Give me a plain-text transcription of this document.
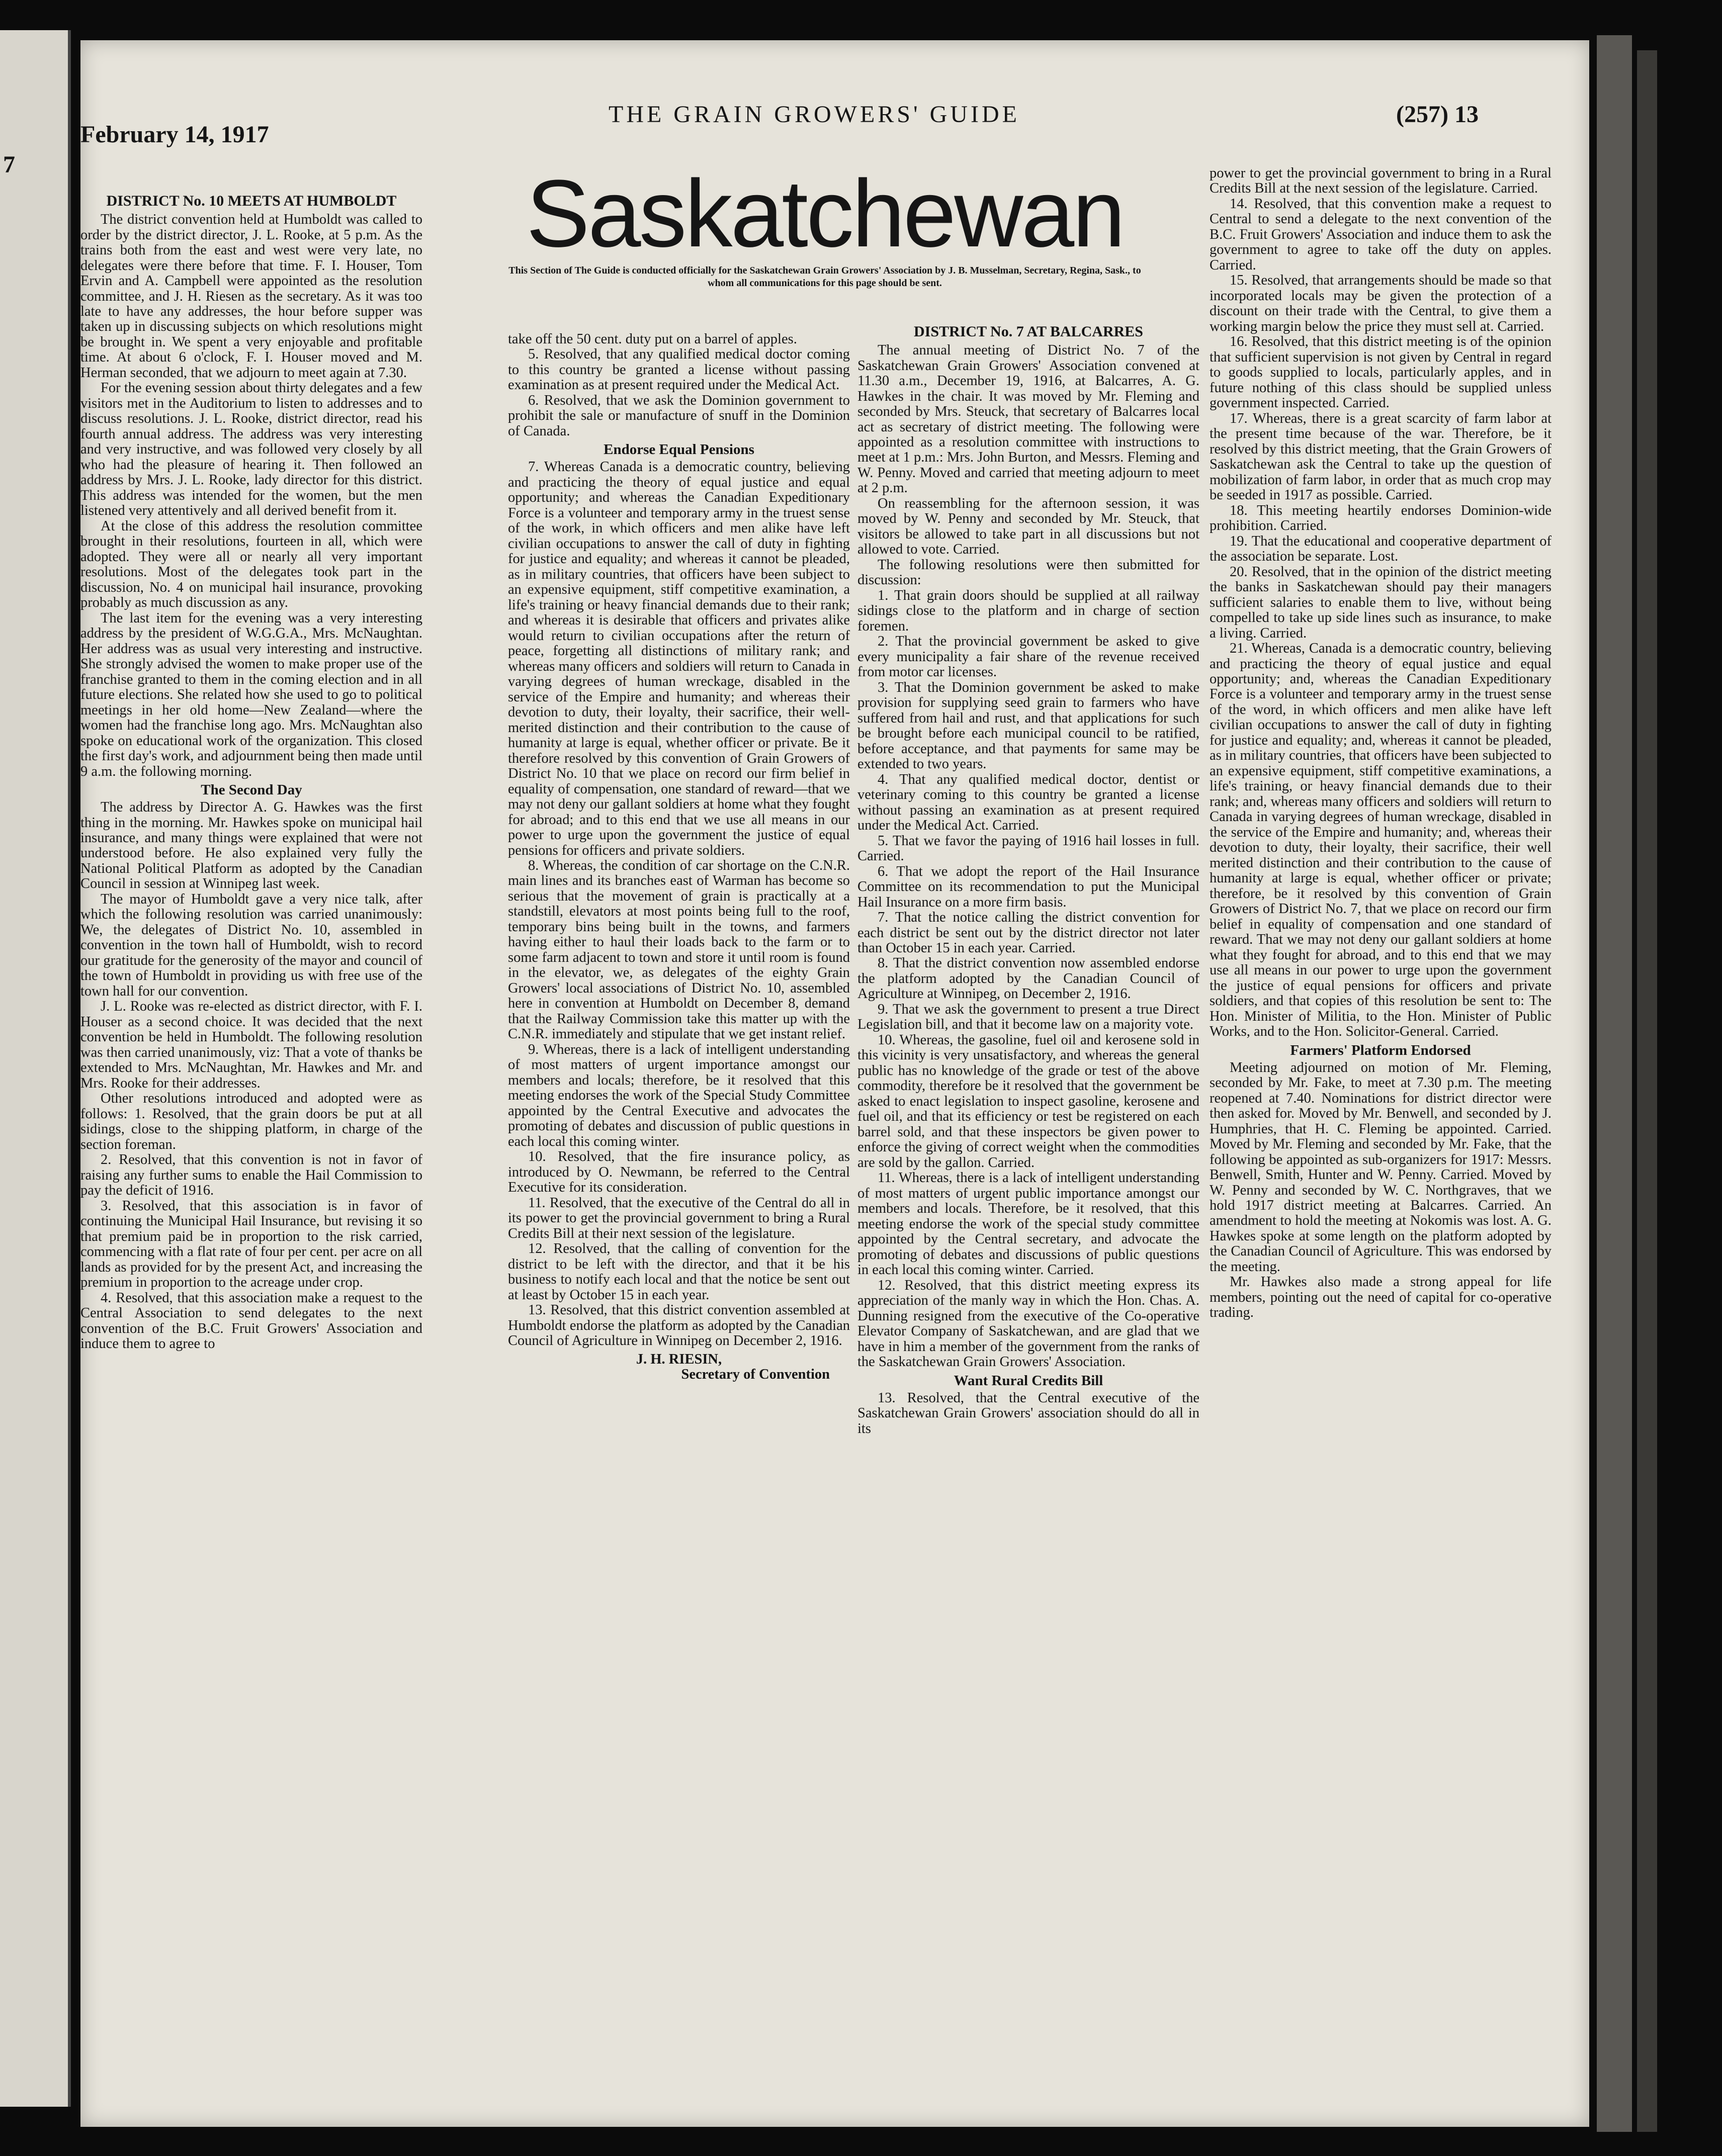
7
February 14, 1917
THE GRAIN GROWERS' GUIDE	(257) 13
Saskatchewan
This Section of The Guide is conducted officially for the Saskatchewan Grain Growers' Association by J. B. Musselman, Secretary, Regina, Sask., to whom all communications for this page should be sent.
DISTRICT No. 10 MEETS AT HUMBOLDT

The district convention held at Humboldt was called to order by the district director, J. L. Rooke, at 5 p.m. As the trains both from the east and west were very late, no delegates were there before that time. F. I. Houser, Tom Ervin and A. Campbell were appointed as the resolution committee, and J. H. Riesen as the secretary. As it was too late to have any addresses, the hour before supper was taken up in discussing subjects on which resolutions might be brought in. We spent a very enjoyable and profitable time. At about 6 o'clock, F. I. Houser moved and M. Herman seconded, that we adjourn to meet again at 7.30.

For the evening session about thirty delegates and a few visitors met in the Auditorium to listen to addresses and to discuss resolutions. J. L. Rooke, district director, read his fourth annual address. The address was very interesting and very instructive, and was followed very closely by all who had the pleasure of hearing it. Then followed an address by Mrs. J. L. Rooke, lady director for this district. This address was intended for the women, but the men listened very attentively and all derived benefit from it.

At the close of this address the resolution committee brought in their resolutions, fourteen in all, which were adopted. They were all or nearly all very important resolutions. Most of the delegates took part in the discussion, No. 4 on municipal hail insurance, provoking probably as much discussion as any.

The last item for the evening was a very interesting address by the president of W.G.G.A., Mrs. McNaughtan. Her address was as usual very interesting and instructive. She strongly advised the women to make proper use of the franchise granted to them in the coming election and in all future elections. She related how she used to go to political meetings in her old home—New Zealand—where the women had the franchise long ago. Mrs. McNaughtan also spoke on educational work of the organization. This closed the first day's work, and adjournment being then made until 9 a.m. the following morning.

The Second Day

The address by Director A. G. Hawkes was the first thing in the morning. Mr. Hawkes spoke on municipal hail insurance, and many things were explained that were not understood before. He also explained very fully the National Political Platform as adopted by the Canadian Council in session at Winnipeg last week.

The mayor of Humboldt gave a very nice talk, after which the following resolution was carried unanimously: We, the delegates of District No. 10, assembled in convention in the town hall of Humboldt, wish to record our gratitude for the generosity of the mayor and council of the town of Humboldt in providing us with free use of the town hall for our convention.

J. L. Rooke was re-elected as district director, with F. I. Houser as a second choice. It was decided that the next convention be held in Humboldt. The following resolution was then carried unanimously, viz: That a vote of thanks be extended to Mrs. McNaughtan, Mr. Hawkes and Mr. and Mrs. Rooke for their addresses.

Other resolutions introduced and adopted were as follows: 1. Resolved, that the grain doors be put at all sidings, close to the shipping platform, in charge of the section foreman.

2. Resolved, that this convention is not in favor of raising any further sums to enable the Hail Commission to pay the deficit of 1916.

3. Resolved, that this association is in favor of continuing the Municipal Hail Insurance, but revising it so that premium paid be in proportion to the risk carried, commencing with a flat rate of four per cent. per acre on all lands as provided for by the present Act, and increasing the premium in proportion to the acreage under crop.

4. Resolved, that this association make a request to the Central Association to send delegates to the next convention of the B.C. Fruit Growers' Association and induce them to agree to

take off the 50 cent. duty put on a barrel of apples.

5. Resolved, that any qualified medical doctor coming to this country be granted a license without passing examination as at present required under the Medical Act.

6. Resolved, that we ask the Dominion government to prohibit the sale or manufacture of snuff in the Dominion of Canada.

Endorse Equal Pensions

7. Whereas Canada is a democratic country, believing and practicing the theory of equal justice and equal opportunity; and whereas the Canadian Expeditionary Force is a volunteer and temporary army in the truest sense of the work, in which officers and men alike have left civilian occupations to answer the call of duty in fighting for justice and equality; and whereas it cannot be pleaded, as in military countries, that officers have been subject to an expensive equipment, stiff competitive examination, a life's training or heavy financial demands due to their rank; and whereas it is desirable that officers and privates alike would return to civilian occupations after the return of peace, forgetting all distinctions of military rank; and whereas many officers and soldiers will return to Canada in varying degrees of human wreckage, disabled in the service of the Empire and humanity; and whereas their devotion to duty, their loyalty, their sacrifice, their well-merited distinction and their contribution to the cause of humanity at large is equal, whether officer or private. Be it therefore resolved by this convention of Grain Growers of District No. 10 that we place on record our firm belief in equality of compensation, one standard of reward—that we may not deny our gallant soldiers at home what they fought for abroad; and to this end that we use all means in our power to urge upon the government the justice of equal pensions for officers and private soldiers.

8. Whereas, the condition of car shortage on the C.N.R. main lines and its branches east of Warman has become so serious that the movement of grain is practically at a standstill, elevators at most points being full to the roof, temporary bins being built in the towns, and farmers having either to haul their loads back to the farm or to some farm adjacent to town and store it until room is found in the elevator, we, as delegates of the eighty Grain Growers' local associations of District No. 10, assembled here in convention at Humboldt on December 8, demand that the Railway Commission take this matter up with the C.N.R. immediately and stipulate that we get instant relief.

9. Whereas, there is a lack of intelligent understanding of most matters of urgent importance amongst our members and locals; therefore, be it resolved that this meeting endorses the work of the Special Study Committee appointed by the Central Executive and advocates the promoting of debates and discussion of public questions in each local this coming winter.

10. Resolved, that the fire insurance policy, as introduced by O. Newmann, be referred to the Central Executive for its consideration.

11. Resolved, that the executive of the Central do all in its power to get the provincial government to bring a Rural Credits Bill at their next session of the legislature.

12. Resolved, that the calling of convention for the district to be left with the director, and that it be his business to notify each local and that the notice be sent out at least by October 15 in each year.

13. Resolved, that this district convention assembled at Humboldt endorse the platform as adopted by the Canadian Council of Agriculture in Winnipeg on December 2, 1916.

J. H. RIESIN,
Secretary of Convention
DISTRICT No. 7 AT BALCARRES

The annual meeting of District No. 7 of the Saskatchewan Grain Growers' Association convened at 11.30 a.m., December 19, 1916, at Balcarres, A. G. Hawkes in the chair. It was moved by Mr. Fleming and seconded by Mrs. Steuck, that secretary of Balcarres local act as secretary of district meeting. The following were appointed as a resolution committee with instructions to meet at 1 p.m.: Mrs. John Burton, and Messrs. Fleming and W. Penny. Moved and carried that meeting adjourn to meet at 2 p.m.

On reassembling for the afternoon session, it was moved by W. Penny and seconded by Mr. Steuck, that visitors be allowed to take part in all discussions but not allowed to vote. Carried.

The following resolutions were then submitted for discussion:

1. That grain doors should be supplied at all railway sidings close to the platform and in charge of section foremen.

2. That the provincial government be asked to give every municipality a fair share of the revenue received from motor car licenses.

3. That the Dominion government be asked to make provision for supplying seed grain to farmers who have suffered from hail and rust, and that applications for such be brought before each municipal council to be ratified, before acceptance, and that payments for same may be extended to two years.

4. That any qualified medical doctor, dentist or veterinary coming to this country be granted a license without passing an examination as at present required under the Medical Act. Carried.

5. That we favor the paying of 1916 hail losses in full. Carried.

6. That we adopt the report of the Hail Insurance Committee on its recommendation to put the Municipal Hail Insurance on a more firm basis.

7. That the notice calling the district convention for each district be sent out by the district director not later than October 15 in each year. Carried.

8. That the district convention now assembled endorse the platform adopted by the Canadian Council of Agriculture at Winnipeg, on December 2, 1916.

9. That we ask the government to present a true Direct Legislation bill, and that it become law on a majority vote.

10. Whereas, the gasoline, fuel oil and kerosene sold in this vicinity is very unsatisfactory, and whereas the general public has no knowledge of the grade or test of the above commodity, therefore be it resolved that the government be asked to enact legislation to inspect gasoline, kerosene and fuel oil, and that its efficiency or test be registered on each barrel sold, and that these inspectors be given power to enforce the giving of correct weight when the commodities are sold by the gallon. Carried.

11. Whereas, there is a lack of intelligent understanding of most matters of urgent public importance amongst our members and locals. Therefore, be it resolved, that this meeting endorse the work of the special study committee appointed by the Central secretary, and advocate the promoting of debates and discussions of public questions in each local this coming winter. Carried.

12. Resolved, that this district meeting express its appreciation of the manly way in which the Hon. Chas. A. Dunning resigned from the executive of the Co-operative Elevator Company of Saskatchewan, and are glad that we have in him a member of the government from the ranks of the Saskatchewan Grain Growers' Association.

Want Rural Credits Bill

13. Resolved, that the Central executive of the Saskatchewan Grain Growers' association should do all in its

power to get the provincial government to bring in a Rural Credits Bill at the next session of the legislature. Carried.

14. Resolved, that this convention make a request to Central to send a delegate to the next convention of the B.C. Fruit Growers' Association and induce them to ask the government to agree to take off the duty on apples. Carried.

15. Resolved, that arrangements should be made so that incorporated locals may be given the protection of a discount on their trade with the Central, to give them a working margin below the price they must sell at. Carried.

16. Resolved, that this district meeting is of the opinion that sufficient supervision is not given by Central in regard to goods supplied to locals, particularly apples, and in future nothing of this class should be supplied unless government inspected. Carried.

17. Whereas, there is a great scarcity of farm labor at the present time because of the war. Therefore, be it resolved by this district meeting, that the Grain Growers of Saskatchewan ask the Central to take up the question of mobilization of farm labor, in order that as much crop may be seeded in 1917 as possible. Carried.

18. This meeting heartily endorses Dominion-wide prohibition. Carried.

19. That the educational and cooperative department of the association be separate. Lost.

20. Resolved, that in the opinion of the district meeting the banks in Saskatchewan should pay their managers sufficient salaries to enable them to live, without being compelled to take up side lines such as insurance, to make a living. Carried.

21. Whereas, Canada is a democratic country, believing and practicing the theory of equal justice and equal opportunity; and, whereas the Canadian Expeditionary Force is a volunteer and temporary army in the truest sense of the word, in which officers and men alike have left civilian occupations to answer the call of duty in fighting for justice and equality; and, whereas it cannot be pleaded, as in military countries, that officers have been subjected to an expensive equipment, stiff competitive examinations, a life's training, or heavy financial demands due to their rank; and, whereas many officers and soldiers will return to Canada in varying degrees of human wreckage, disabled in the service of the Empire and humanity; and, whereas their devotion to duty, their loyalty, their sacrifice, their well merited distinction and their contribution to the cause of humanity at large is equal, whether officer or private; therefore, be it resolved by this convention of Grain Growers of District No. 7, that we place on record our firm belief in equality of compensation and one standard of reward. That we may not deny our gallant soldiers at home what they fought for abroad, and to this end that we may use all means in our power to urge upon the government the justice of equal pensions for officers and private soldiers, and that copies of this resolution be sent to: The Hon. Minister of Militia, to the Hon. Minister of Public Works, and to the Hon. Solicitor-General. Carried.

Farmers' Platform Endorsed

Meeting adjourned on motion of Mr. Fleming, seconded by Mr. Fake, to meet at 7.30 p.m. The meeting reopened at 7.40. Nominations for district director were then asked for. Moved by Mr. Benwell, and seconded by J. Humphries, that H. C. Fleming be appointed. Carried. Moved by Mr. Fleming and seconded by Mr. Fake, that the following be appointed as sub-organizers for 1917: Messrs. Benwell, Smith, Hunter and W. Penny. Carried. Moved by W. Penny and seconded by W. C. Northgraves, that we hold 1917 district meeting at Balcarres. Carried. An amendment to hold the meeting at Nokomis was lost. A. G. Hawkes spoke at some length on the platform adopted by the Canadian Council of Agriculture. This was endorsed by the meeting.

Mr. Hawkes also made a strong appeal for life members, pointing out the need of capital for co-operative trading.
